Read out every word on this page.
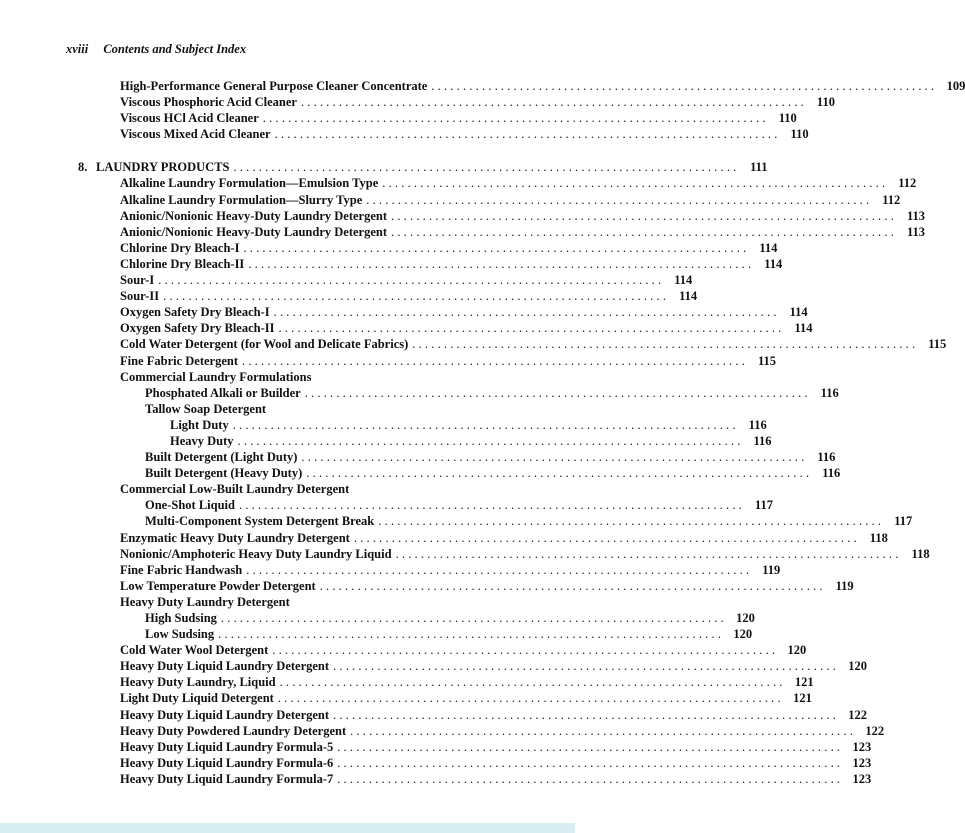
xviii Contents and Subject Index
High-Performance General Purpose Cleaner Concentrate ................................................................................ 109
Viscous Phosphoric Acid Cleaner ................................................................................ 110
Viscous HCl Acid Cleaner ................................................................................ 110
Viscous Mixed Acid Cleaner ................................................................................ 110
8. LAUNDRY PRODUCTS ................................................................................ 111
Alkaline Laundry Formulation—Emulsion Type ................................................................................ 112
Alkaline Laundry Formulation—Slurry Type ................................................................................ 112
Anionic/Nonionic Heavy-Duty Laundry Detergent ................................................................................ 113
Anionic/Nonionic Heavy-Duty Laundry Detergent ................................................................................ 113
Chlorine Dry Bleach-I ................................................................................ 114
Chlorine Dry Bleach-II ................................................................................ 114
Sour-I ................................................................................ 114
Sour-II ................................................................................ 114
Oxygen Safety Dry Bleach-I ................................................................................ 114
Oxygen Safety Dry Bleach-II ................................................................................ 114
Cold Water Detergent (for Wool and Delicate Fabrics) ................................................................................ 115
Fine Fabric Detergent ................................................................................ 115
Commercial Laundry Formulations
Phosphated Alkali or Builder ................................................................................ 116
Tallow Soap Detergent
Light Duty ................................................................................ 116
Heavy Duty ................................................................................ 116
Built Detergent (Light Duty) ................................................................................ 116
Built Detergent (Heavy Duty) ................................................................................ 116
Commercial Low-Built Laundry Detergent
One-Shot Liquid ................................................................................ 117
Multi-Component System Detergent Break ................................................................................ 117
Enzymatic Heavy Duty Laundry Detergent ................................................................................ 118
Nonionic/Amphoteric Heavy Duty Laundry Liquid ................................................................................ 118
Fine Fabric Handwash ................................................................................ 119
Low Temperature Powder Detergent ................................................................................ 119
Heavy Duty Laundry Detergent
High Sudsing ................................................................................ 120
Low Sudsing ................................................................................ 120
Cold Water Wool Detergent ................................................................................ 120
Heavy Duty Liquid Laundry Detergent ................................................................................ 120
Heavy Duty Laundry, Liquid ................................................................................ 121
Light Duty Liquid Detergent ................................................................................ 121
Heavy Duty Liquid Laundry Detergent ................................................................................ 122
Heavy Duty Powdered Laundry Detergent ................................................................................ 122
Heavy Duty Liquid Laundry Formula-5 ................................................................................ 123
Heavy Duty Liquid Laundry Formula-6 ................................................................................ 123
Heavy Duty Liquid Laundry Formula-7 ................................................................................ 123
